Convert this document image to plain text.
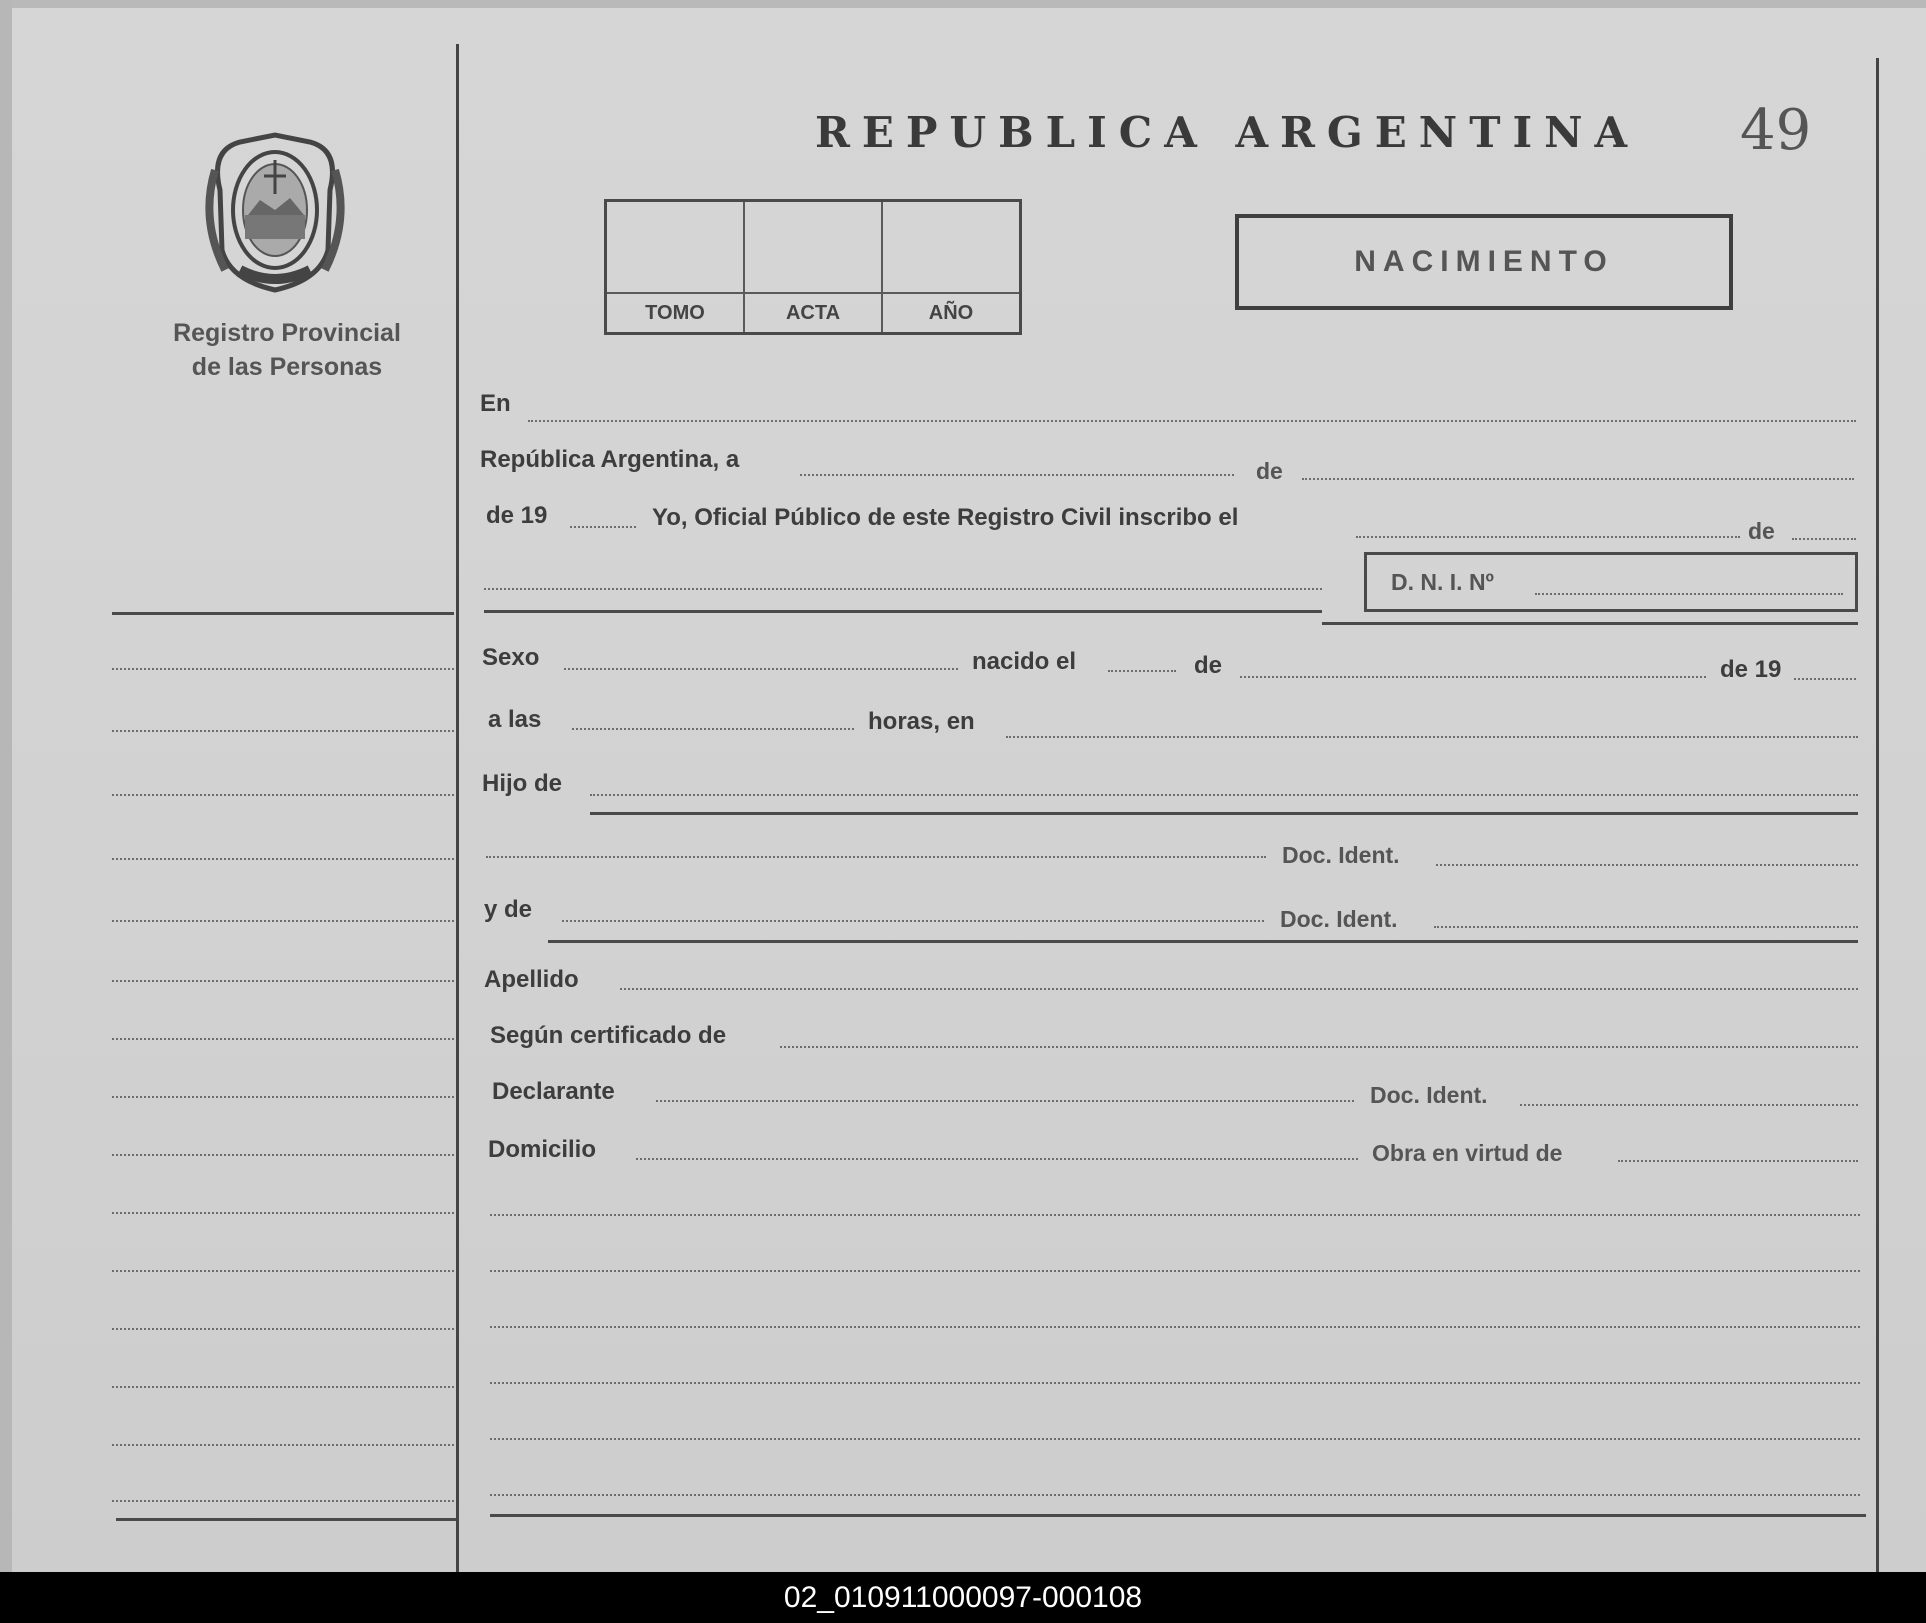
Registro Provincial
de las Personas
REPUBLICA ARGENTINA 49
TOMO	ACTA	AÑO
NACIMIENTO
En
República Argentina, a	de
de 19	Yo, Oficial Público de este Registro Civil inscribo el	de
D. N. I. Nº
Sexo	nacido el	de	de 19
a las	horas, en
Hijo de
Doc. Ident.
y de	Doc. Ident.
Apellido
Según certificado de
Declarante	Doc. Ident.
Domicilio	Obra en virtud de
02_010911000097-000108
